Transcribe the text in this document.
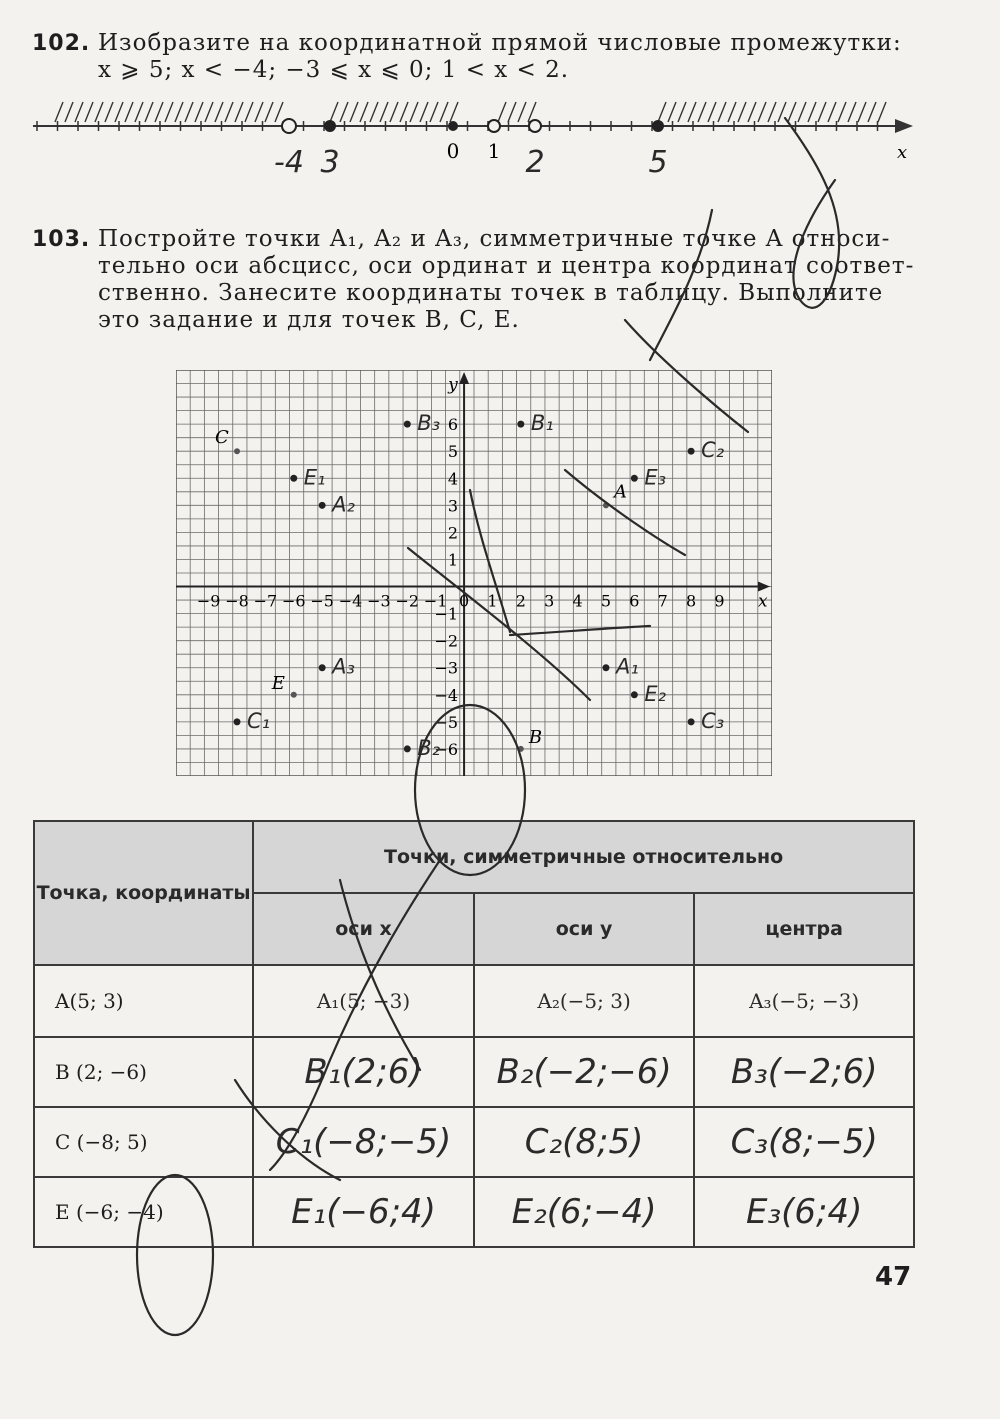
102. Изобразите на координатной прямой числовые промежутки:

x ⩾ 5; x < −4; −3 ⩽ x ⩽ 0; 1 < x < 2.

x
0 1
-4 3	2	5
103. Постройте точки A₁, A₂ и A₃, симметричные точке A относи-

тельно оси абсцисс, оси ординат и центра координат соответ-

ственно. Занесите координаты точек в таблицу. Выполните

это задание и для точек B, C, E.

x
y
−9 −8 −7 −6 −5 −4 −3 −2 −1 0 1 2 3 4 5 6 7 8 9
−6
−5
−4
−3
−2
−1
1
2
3
4
5
6
A
B
C
E
A₁
A₂
A₃
B₁
B₂
B₃
C₁
C₂
C₃
E₁
E₂
E₃
Точка, координаты	Точки, симметричные относительно		
	оси x	оси y	центра
A(5; 3)	A₁(5; −3)	A₂(−5; 3)	A₃(−5; −3)
B (2; −6)	B₁(2;6)	B₂(−2;−6)	B₃(−2;6)
C (−8; 5)	C₁(−8;−5)	C₂(8;5)	C₃(8;−5)
E (−6; −4)	E₁(−6;4)	E₂(6;−4)	E₃(6;4)
47
